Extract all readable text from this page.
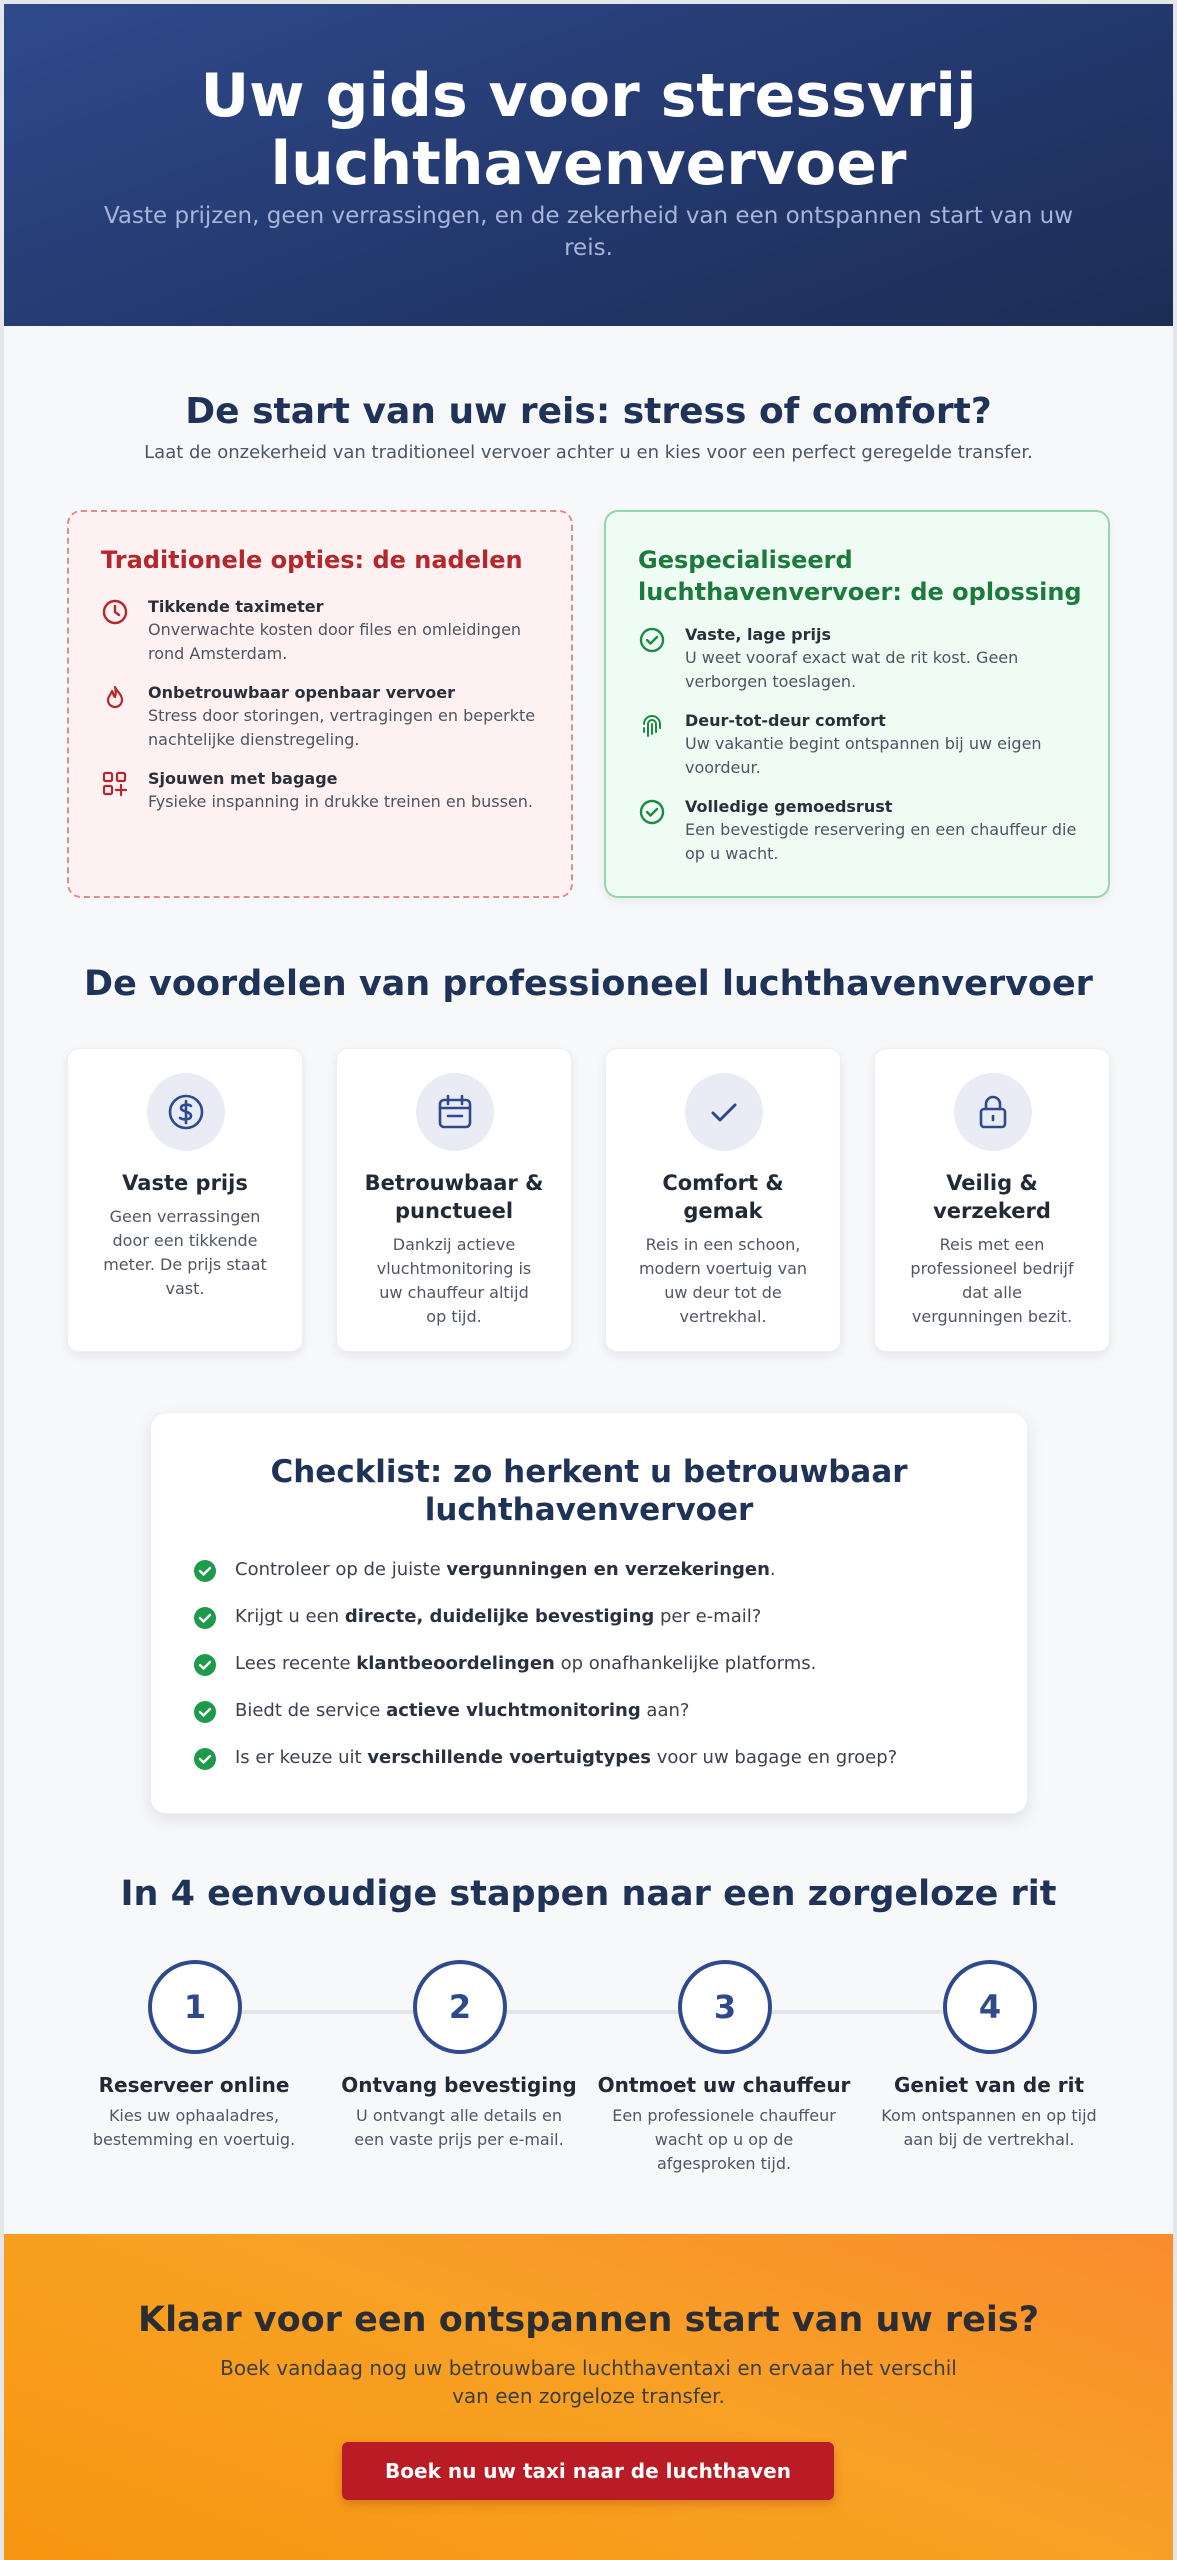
Uw gids voor stressvrij luchthavenvervoer

Vaste prijzen, geen verrassingen, en de zekerheid van een ontspannen start van uw reis.

De start van uw reis: stress of comfort?

Laat de onzekerheid van traditioneel vervoer achter u en kies voor een perfect geregelde transfer.

Traditionele opties: de nadelen
Tikkende taximeter
Onverwachte kosten door files en omleidingen rond Amsterdam.
Onbetrouwbaar openbaar vervoer
Stress door storingen, vertragingen en beperkte nachtelijke dienstregeling.
Sjouwen met bagage
Fysieke inspanning in drukke treinen en bussen.
Gespecialiseerd luchthavenvervoer: de oplossing
Vaste, lage prijs
U weet vooraf exact wat de rit kost. Geen verborgen toeslagen.
Deur-tot-deur comfort
Uw vakantie begint ontspannen bij uw eigen voordeur.
Volledige gemoedsrust
Een bevestigde reservering en een chauffeur die op u wacht.
De voordelen van professioneel luchthavenvervoer
Vaste prijs
Geen verrassingen door een tikkende meter. De prijs staat vast.
Betrouwbaar & punctueel
Dankzij actieve vluchtmonitoring is uw chauffeur altijd op tijd.
Comfort & gemak
Reis in een schoon, modern voertuig van uw deur tot de vertrekhal.
Veilig & verzekerd
Reis met een professioneel bedrijf dat alle vergunningen bezit.
Checklist: zo herkent u betrouwbaar luchthavenvervoer
Controleer op de juiste vergunningen en verzekeringen.
Krijgt u een directe, duidelijke bevestiging per e-mail?
Lees recente klantbeoordelingen op onafhankelijke platforms.
Biedt de service actieve vluchtmonitoring aan?
Is er keuze uit verschillende voertuigtypes voor uw bagage en groep?
In 4 eenvoudige stappen naar een zorgeloze rit
1
Reserveer online
Kies uw ophaaladres, bestemming en voertuig.
2
Ontvang bevestiging
U ontvangt alle details en een vaste prijs per e-mail.
3
Ontmoet uw chauffeur
Een professionele chauffeur wacht op u op de afgesproken tijd.
4
Geniet van de rit
Kom ontspannen en op tijd aan bij de vertrekhal.
Klaar voor een ontspannen start van uw reis?

Boek vandaag nog uw betrouwbare luchthaventaxi en ervaar het verschil van een zorgeloze transfer.

Boek nu uw taxi naar de luchthaven
